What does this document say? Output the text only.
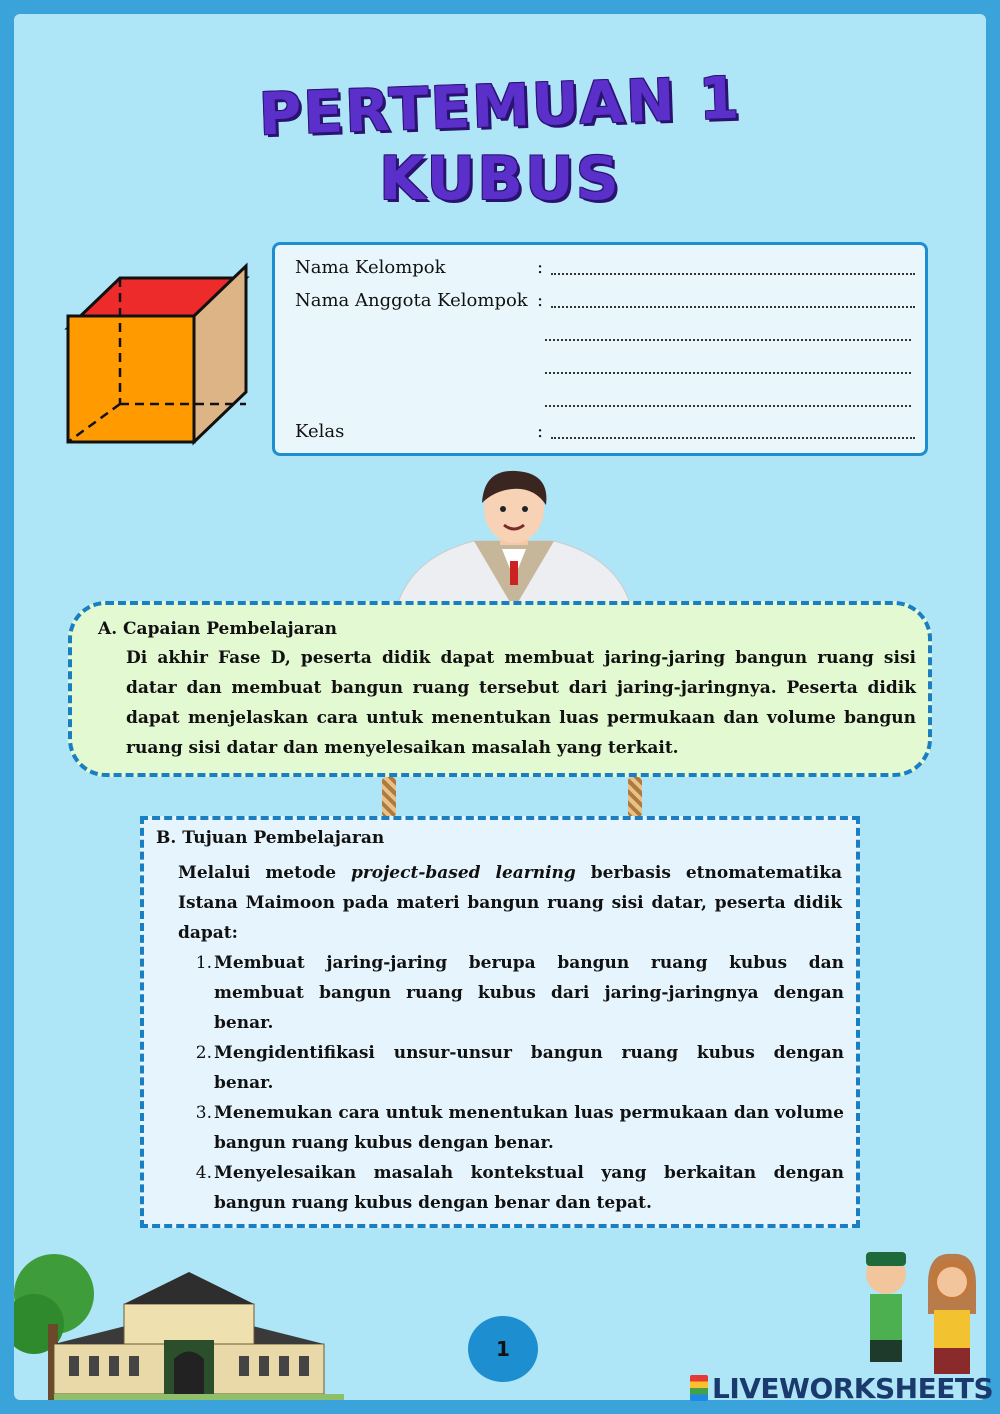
PERTEMUAN 1
KUBUS
Nama Kelompok	:
Nama Anggota Kelompok :
Kelas	:
A. Capaian Pembelajaran
Di akhir Fase D, peserta didik dapat membuat jaring-jaring bangun ruang sisi datar dan membuat bangun ruang tersebut dari jaring-jaringnya. Peserta didik dapat menjelaskan cara untuk menentukan luas permukaan dan volume bangun ruang sisi datar dan menyelesaikan masalah yang terkait.
B. Tujuan Pembelajaran
Melalui metode project-based learning berbasis etnomatematika Istana Maimoon pada materi bangun ruang sisi datar, peserta didik dapat:
1. Membuat jaring-jaring berupa bangun ruang kubus dan membuat bangun ruang kubus dari jaring-jaringnya dengan benar.
2. Mengidentifikasi unsur-unsur bangun ruang kubus dengan benar.
3. Menemukan cara untuk menentukan luas permukaan dan volume bangun ruang kubus dengan benar.
4. Menyelesaikan masalah kontekstual yang berkaitan dengan bangun ruang kubus dengan benar dan tepat.
1
LIVEWORKSHEETS
